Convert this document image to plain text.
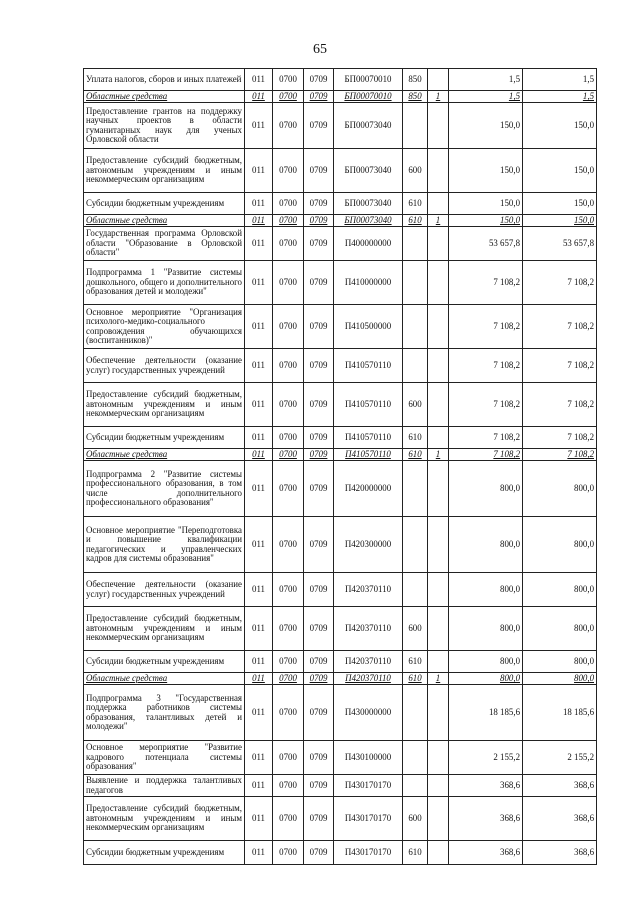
65
Уплата налогов, сборов и иных платежей	011	0700	0709	БП00070010	850		1,5	1,5
Областные средства	011	0700	0709	БП00070010	850	1	1,5	1,5
Предоставление грантов на поддержку научных проектов в области гуманитарных наук для ученых Орловской области	011	0700	0709	БП00073040			150,0	150,0
Предоставление субсидий бюджетным, автономным учреждениям и иным некоммерческим организациям	011	0700	0709	БП00073040	600		150,0	150,0
Субсидии бюджетным учреждениям	011	0700	0709	БП00073040	610		150,0	150,0
Областные средства	011	0700	0709	БП00073040	610	1	150,0	150,0
Государственная программа Орловской области "Образование в Орловской области"	011	0700	0709	П400000000			53 657,8	53 657,8
Подпрограмма 1 "Развитие системы дошкольного, общего и дополнительного образования детей и молодежи"	011	0700	0709	П410000000			7 108,2	7 108,2
Основное мероприятие "Организация психолого-медико-социального сопровождения обучающихся (воспитанников)"	011	0700	0709	П410500000			7 108,2	7 108,2
Обеспечение деятельности (оказание услуг) государственных учреждений	011	0700	0709	П410570110			7 108,2	7 108,2
Предоставление субсидий бюджетным, автономным учреждениям и иным некоммерческим организациям	011	0700	0709	П410570110	600		7 108,2	7 108,2
Субсидии бюджетным учреждениям	011	0700	0709	П410570110	610		7 108,2	7 108,2
Областные средства	011	0700	0709	П410570110	610	1	7 108,2	7 108,2
Подпрограмма 2 "Развитие системы профессионального образования, в том числе дополнительного профессионального образования"	011	0700	0709	П420000000			800,0	800,0
Основное мероприятие "Переподготовка и повышение квалификации педагогических и управленческих кадров для системы образования"	011	0700	0709	П420300000			800,0	800,0
Обеспечение деятельности (оказание услуг) государственных учреждений	011	0700	0709	П420370110			800,0	800,0
Предоставление субсидий бюджетным, автономным учреждениям и иным некоммерческим организациям	011	0700	0709	П420370110	600		800,0	800,0
Субсидии бюджетным учреждениям	011	0700	0709	П420370110	610		800,0	800,0
Областные средства	011	0700	0709	П420370110	610	1	800,0	800,0
Подпрограмма 3 "Государственная поддержка работников системы образования, талантливых детей и молодежи"	011	0700	0709	П430000000			18 185,6	18 185,6
Основное мероприятие "Развитие кадрового потенциала системы образования"	011	0700	0709	П430100000			2 155,2	2 155,2
Выявление и поддержка талантливых педагогов	011	0700	0709	П430170170			368,6	368,6
Предоставление субсидий бюджетным, автономным учреждениям и иным некоммерческим организациям	011	0700	0709	П430170170	600		368,6	368,6
Субсидии бюджетным учреждениям	011	0700	0709	П430170170	610		368,6	368,6
